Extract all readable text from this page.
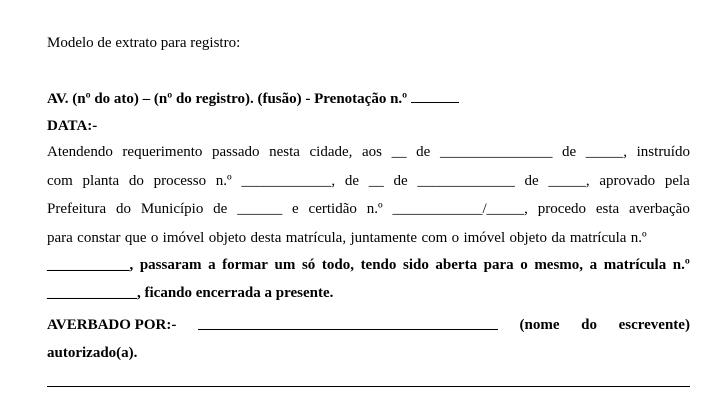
Modelo de extrato para registro:
AV. (nº do ato) – (nº do registro). (fusão) - Prenotação n.º
DATA:-
Atendendo requerimento passado nesta cidade, aos __ de _______________ de _____, instruído
com planta do processo n.º ____________, de __ de _____________ de _____, aprovado pela
Prefeitura do Município de ______ e certidão n.º ____________/_____, procedo esta averbação
para constar que o imóvel objeto desta matrícula, juntamente com o imóvel objeto da matrícula n.º
___________, passaram a formar um só todo, tendo sido aberta para o mesmo, a matrícula n.º
____________, ficando encerrada a presente.
AVERBADO POR:-	(nome do escrevente)
autorizado(a).
